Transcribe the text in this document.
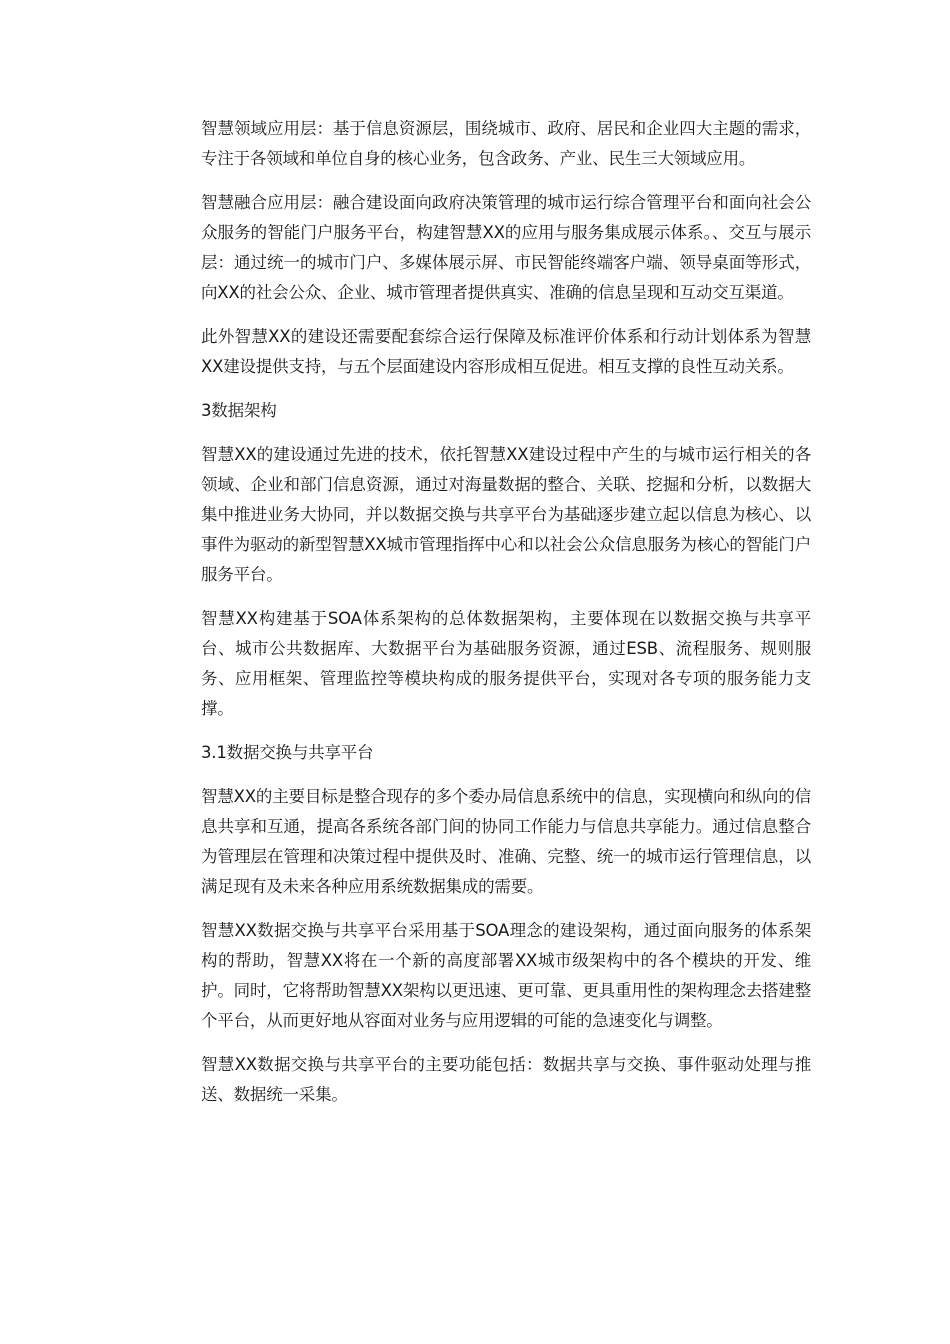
智慧领域应用层：基于信息资源层，围绕城市、政府、居民和企业四大主题的需求，专注于各领域和单位自身的核心业务，包含政务、产业、民生三大领域应用。

智慧融合应用层：融合建设面向政府决策管理的城市运行综合管理平台和面向社会公众服务的智能门户服务平台，构建智慧XX的应用与服务集成展示体系。、交互与展示层：通过统一的城市门户、多媒体展示屏、市民智能终端客户端、领导桌面等形式，向XX的社会公众、企业、城市管理者提供真实、准确的信息呈现和互动交互渠道。

此外智慧XX的建设还需要配套综合运行保障及标准评价体系和行动计划体系为智慧XX建设提供支持，与五个层面建设内容形成相互促进。相互支撑的良性互动关系。

3数据架构

智慧XX的建设通过先进的技术，依托智慧XX建设过程中产生的与城市运行相关的各领域、企业和部门信息资源，通过对海量数据的整合、关联、挖掘和分析，以数据大集中推进业务大协同，并以数据交换与共享平台为基础逐步建立起以信息为核心、以事件为驱动的新型智慧XX城市管理指挥中心和以社会公众信息服务为核心的智能门户服务平台。

智慧XX构建基于SOA体系架构的总体数据架构，主要体现在以数据交换与共享平台、城市公共数据库、大数据平台为基础服务资源，通过ESB、流程服务、规则服务、应用框架、管理监控等模块构成的服务提供平台，实现对各专项的服务能力支撑。

3.1数据交换与共享平台

智慧XX的主要目标是整合现存的多个委办局信息系统中的信息，实现横向和纵向的信息共享和互通，提高各系统各部门间的协同工作能力与信息共享能力。通过信息整合为管理层在管理和决策过程中提供及时、准确、完整、统一的城市运行管理信息，以满足现有及未来各种应用系统数据集成的需要。

智慧XX数据交换与共享平台采用基于SOA理念的建设架构，通过面向服务的体系架构的帮助，智慧XX将在一个新的高度部署XX城市级架构中的各个模块的开发、维护。同时，它将帮助智慧XX架构以更迅速、更可靠、更具重用性的架构理念去搭建整个平台，从而更好地从容面对业务与应用逻辑的可能的急速变化与调整。

智慧XX数据交换与共享平台的主要功能包括：数据共享与交换、事件驱动处理与推送、数据统一采集。
